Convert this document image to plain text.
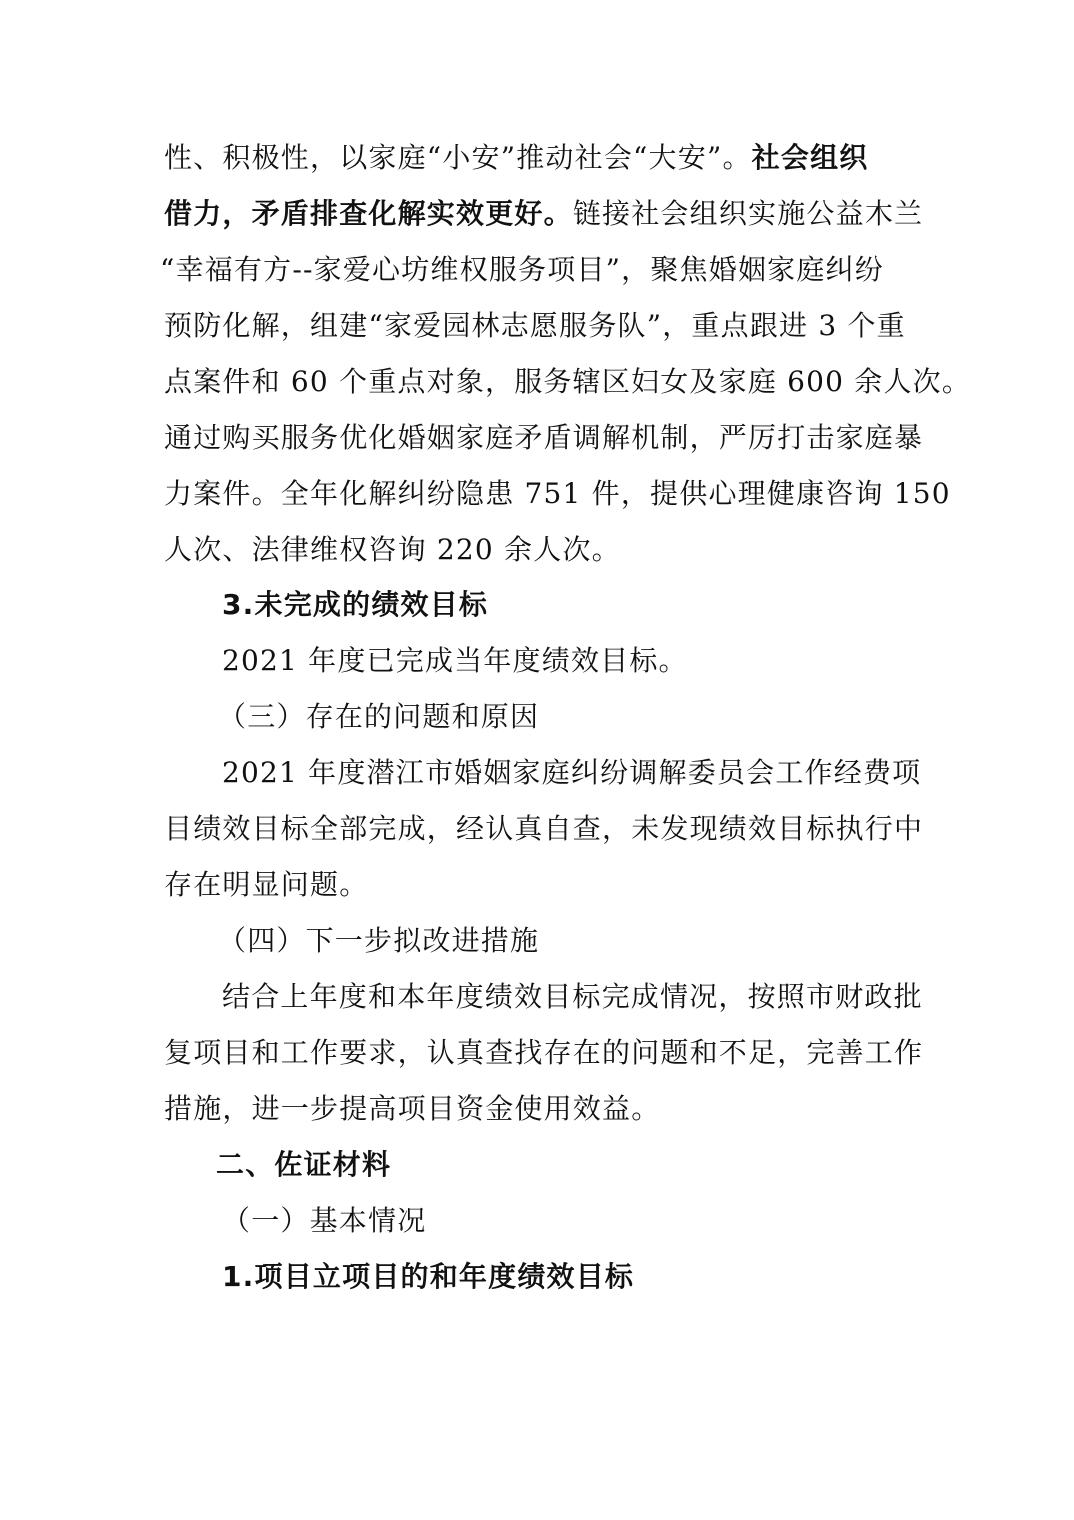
性、积极性，以家庭“小安”推动社会“大安”。社会组织
借力，矛盾排查化解实效更好。链接社会组织实施公益木兰
“幸福有方--家爱心坊维权服务项目”，聚焦婚姻家庭纠纷
预防化解，组建“家爱园林志愿服务队”，重点跟进 3 个重
点案件和 60 个重点对象，服务辖区妇女及家庭 600 余人次。
通过购买服务优化婚姻家庭矛盾调解机制，严厉打击家庭暴
力案件。全年化解纠纷隐患 751 件，提供心理健康咨询 150
人次、法律维权咨询 220 余人次。
3.未完成的绩效目标
2021 年度已完成当年度绩效目标。
（三）存在的问题和原因
2021 年度潜江市婚姻家庭纠纷调解委员会工作经费项
目绩效目标全部完成，经认真自查，未发现绩效目标执行中
存在明显问题。
（四）下一步拟改进措施
结合上年度和本年度绩效目标完成情况，按照市财政批
复项目和工作要求，认真查找存在的问题和不足，完善工作
措施，进一步提高项目资金使用效益。
二、佐证材料
（一）基本情况
1.项目立项目的和年度绩效目标
